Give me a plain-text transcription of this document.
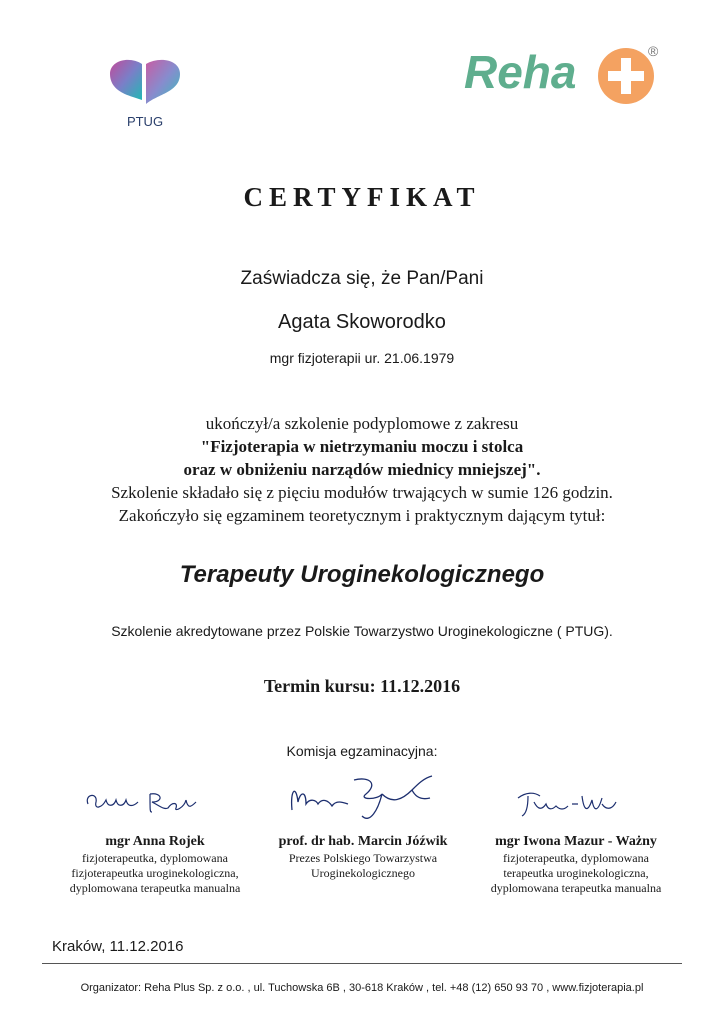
PTUG
Reha	®
CERTYFIKAT
Zaświadcza się, że Pan/Pani
Agata Skoworodko
mgr fizjoterapii ur. 21.06.1979
ukończył/a szkolenie podyplomowe z zakresu
"Fizjoterapia w nietrzymaniu moczu i stolca
oraz w obniżeniu narządów miednicy mniejszej".
Szkolenie składało się z pięciu modułów trwających w sumie 126 godzin.
Zakończyło się egzaminem teoretycznym i praktycznym dającym tytuł:
Terapeuty Uroginekologicznego
Szkolenie akredytowane przez Polskie Towarzystwo Uroginekologiczne ( PTUG).
Termin kursu: 11.12.2016
Komisja egzaminacyjna:
mgr Anna Rojek
fizjoterapeutka, dyplomowana
fizjoterapeutka uroginekologiczna,
dyplomowana terapeutka manualna
prof. dr hab. Marcin Jóźwik
Prezes Polskiego Towarzystwa
Uroginekologicznego
mgr Iwona Mazur - Ważny
fizjoterapeutka, dyplomowana
terapeutka uroginekologiczna,
dyplomowana terapeutka manualna
Kraków, 11.12.2016
Organizator: Reha Plus Sp. z o.o. , ul. Tuchowska 6B , 30-618 Kraków , tel. +48 (12) 650 93 70 , www.fizjoterapia.pl
